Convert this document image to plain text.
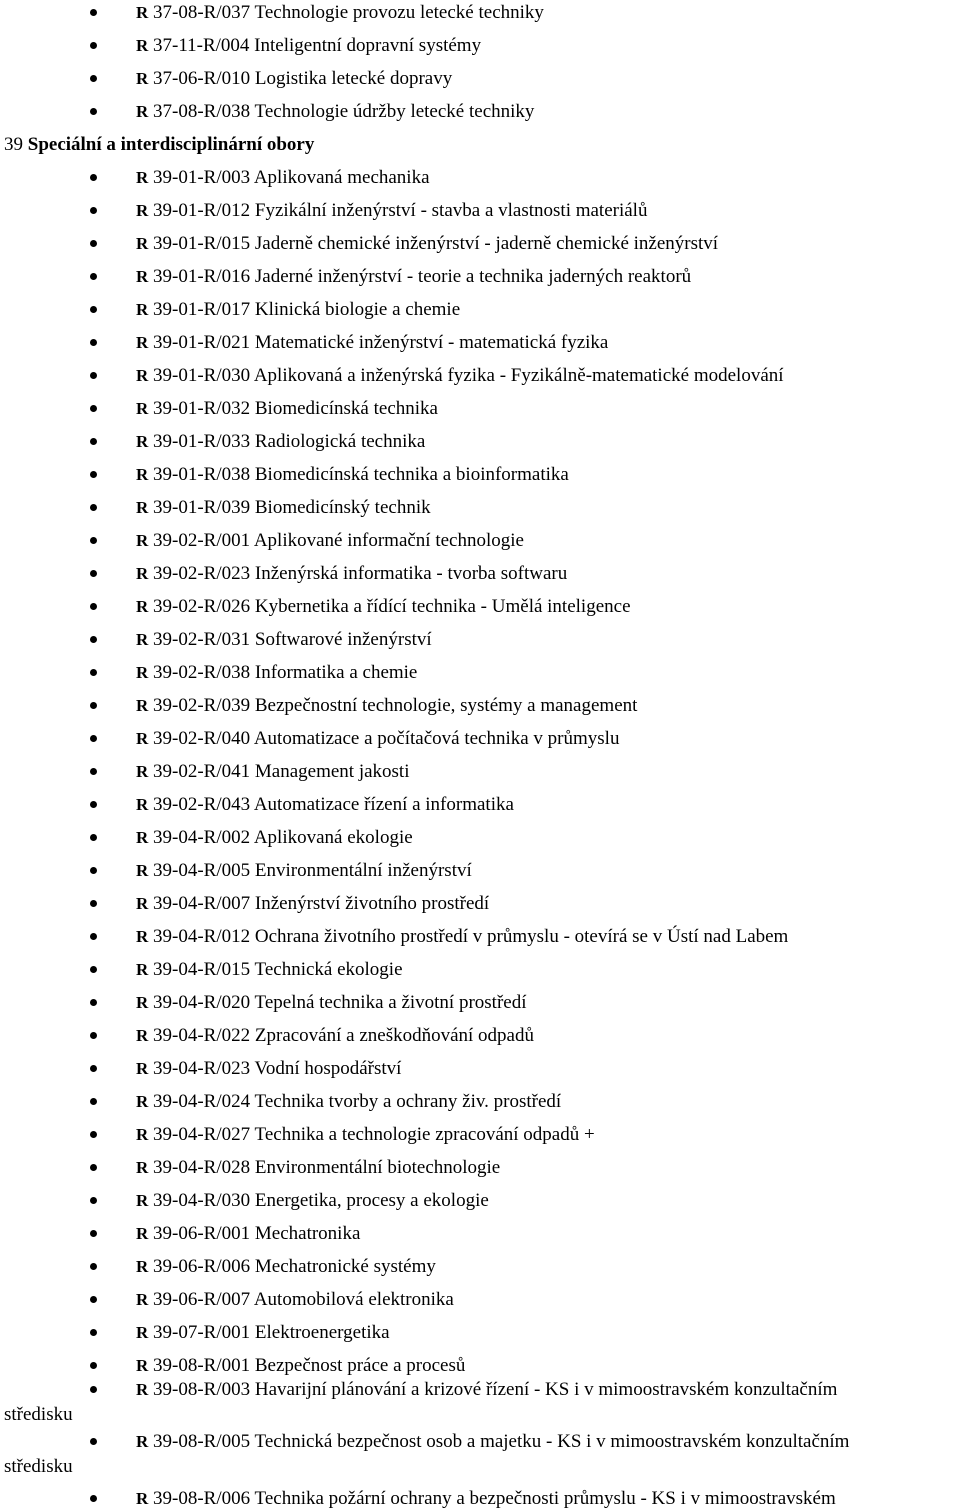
R 37-08-R/037 Technologie provozu letecké techniky
R 37-11-R/004 Inteligentní dopravní systémy
R 37-06-R/010 Logistika letecké dopravy
R 37-08-R/038 Technologie údržby letecké techniky
39 Speciální a interdisciplinární obory
R 39-01-R/003 Aplikovaná mechanika
R 39-01-R/012 Fyzikální inženýrství - stavba a vlastnosti materiálů
R 39-01-R/015 Jaderně chemické inženýrství - jaderně chemické inženýrství
R 39-01-R/016 Jaderné inženýrství - teorie a technika jaderných reaktorů
R 39-01-R/017 Klinická biologie a chemie
R 39-01-R/021 Matematické inženýrství - matematická fyzika
R 39-01-R/030 Aplikovaná a inženýrská fyzika - Fyzikálně-matematické modelování
R 39-01-R/032 Biomedicínská technika
R 39-01-R/033 Radiologická technika
R 39-01-R/038 Biomedicínská technika a bioinformatika
R 39-01-R/039 Biomedicínský technik
R 39-02-R/001 Aplikované informační technologie
R 39-02-R/023 Inženýrská informatika - tvorba softwaru
R 39-02-R/026 Kybernetika a řídící technika - Umělá inteligence
R 39-02-R/031 Softwarové inženýrství
R 39-02-R/038 Informatika a chemie
R 39-02-R/039 Bezpečnostní technologie, systémy a management
R 39-02-R/040 Automatizace a počítačová technika v průmyslu
R 39-02-R/041 Management jakosti
R 39-02-R/043 Automatizace řízení a informatika
R 39-04-R/002 Aplikovaná ekologie
R 39-04-R/005 Environmentální inženýrství
R 39-04-R/007 Inženýrství životního prostředí
R 39-04-R/012 Ochrana životního prostředí v průmyslu - otevírá se v Ústí nad Labem
R 39-04-R/015 Technická ekologie
R 39-04-R/020 Tepelná technika a životní prostředí
R 39-04-R/022 Zpracování a zneškodňování odpadů
R 39-04-R/023 Vodní hospodářství
R 39-04-R/024 Technika tvorby a ochrany živ. prostředí
R 39-04-R/027 Technika a technologie zpracování odpadů +
R 39-04-R/028 Environmentální biotechnologie
R 39-04-R/030 Energetika, procesy a ekologie
R 39-06-R/001 Mechatronika
R 39-06-R/006 Mechatronické systémy
R 39-06-R/007 Automobilová elektronika
R 39-07-R/001 Elektroenergetika
R 39-08-R/001 Bezpečnost práce a procesů
R 39-08-R/003 Havarijní plánování a krizové řízení - KS i v mimoostravském konzultačním
středisku
R 39-08-R/005 Technická bezpečnost osob a majetku - KS i v mimoostravském konzultačním
středisku
R 39-08-R/006 Technika požární ochrany a bezpečnosti průmyslu - KS i v mimoostravském
